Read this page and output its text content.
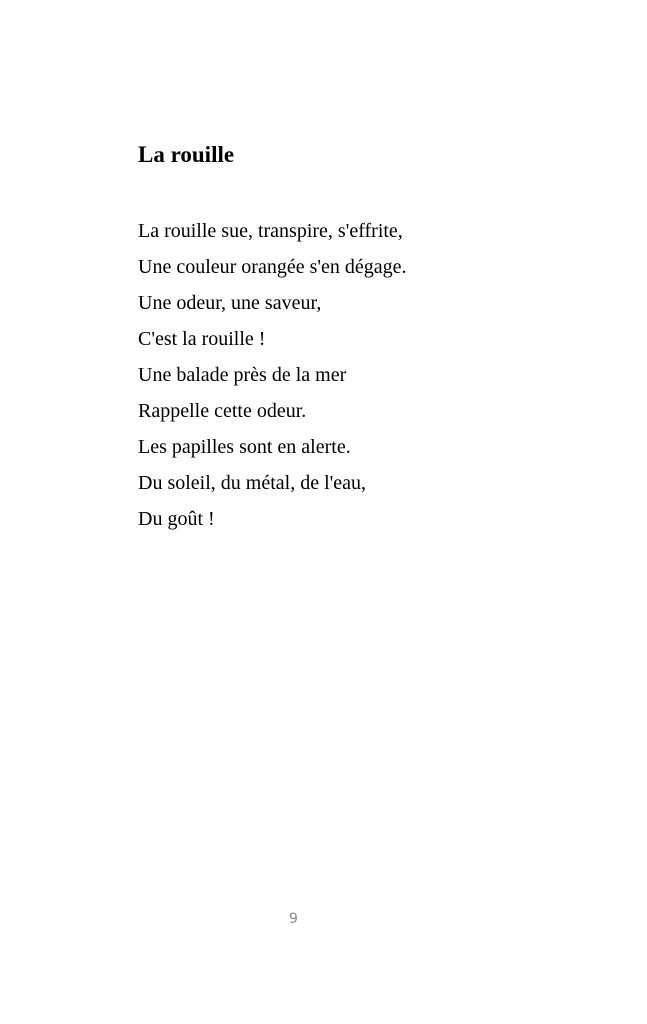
La rouille
La rouille sue, transpire, s'effrite,
Une couleur orangée s'en dégage.
Une odeur, une saveur,
C'est la rouille !
Une balade près de la mer
Rappelle cette odeur.
Les papilles sont en alerte.
Du soleil, du métal, de l'eau,
Du goût !
9
